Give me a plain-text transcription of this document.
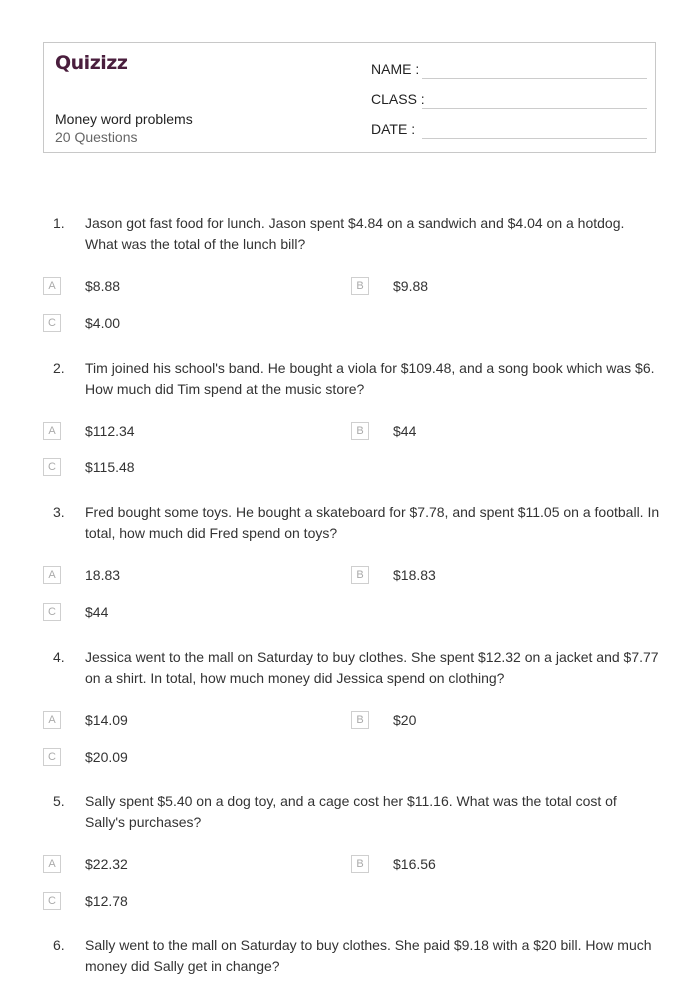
Quizizz
Money word problems
20 Questions
NAME :
CLASS :
DATE :
1. Jason got fast food for lunch. Jason spent $4.84 on a sandwich and $4.04 on a hotdog. What was the total of the lunch bill?
A	$8.88	B	$9.88
C	$4.00
2. Tim joined his school's band. He bought a viola for $109.48, and a song book which was $6. How much did Tim spend at the music store?
A	$112.34	B	$44
C	$115.48
3. Fred bought some toys. He bought a skateboard for $7.78, and spent $11.05 on a football. In total, how much did Fred spend on toys?
A	18.83	B	$18.83
C	$44
4. Jessica went to the mall on Saturday to buy clothes. She spent $12.32 on a jacket and $7.77 on a shirt. In total, how much money did Jessica spend on clothing?
A	$14.09	B	$20
C	$20.09
5. Sally spent $5.40 on a dog toy, and a cage cost her $11.16. What was the total cost of Sally's purchases?
A	$22.32	B	$16.56
C	$12.78
6. Sally went to the mall on Saturday to buy clothes. She paid $9.18 with a $20 bill. How much money did Sally get in change?
